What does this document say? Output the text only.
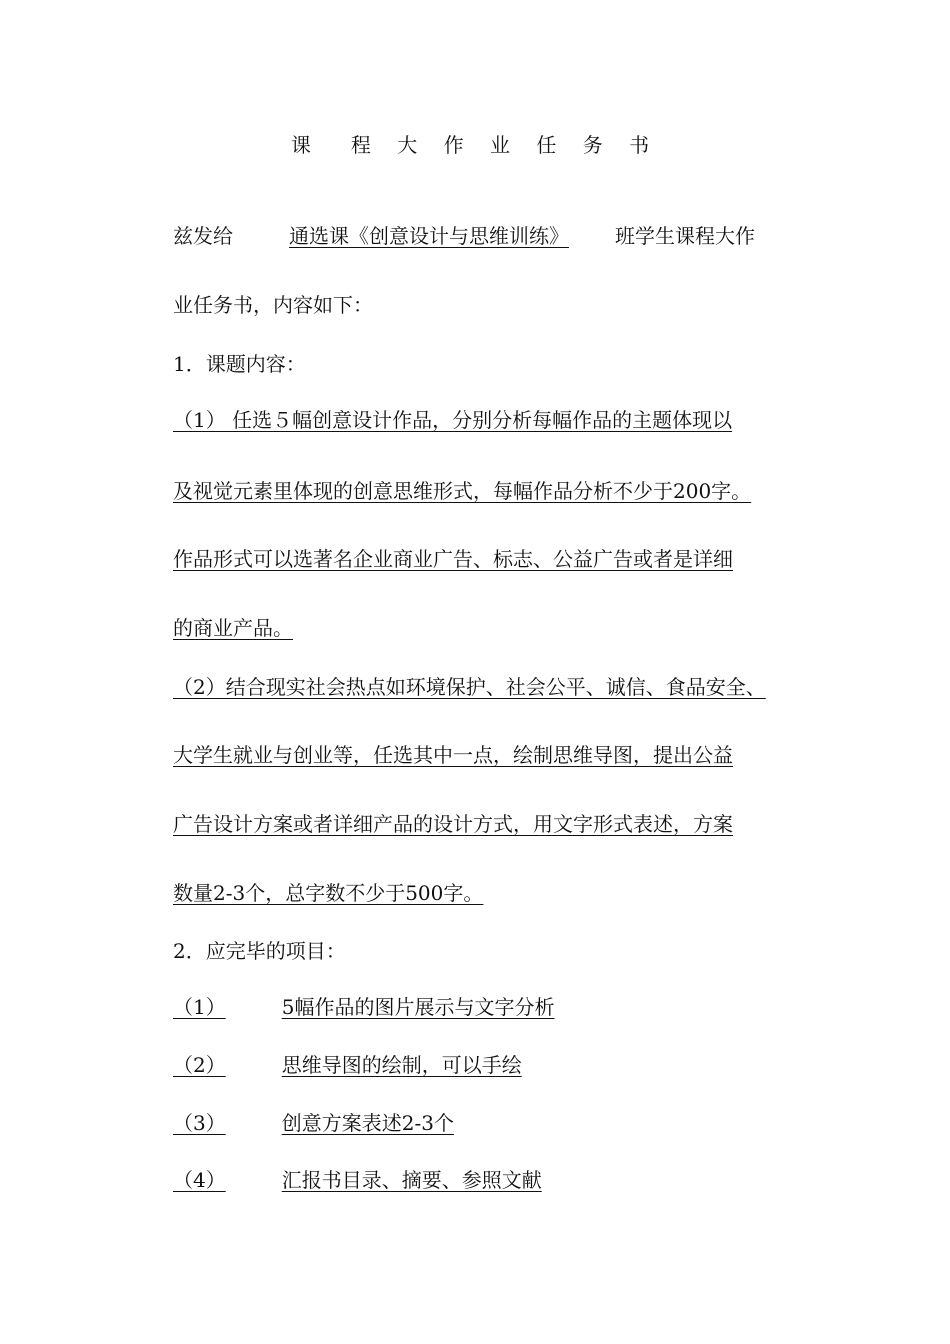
课　程 大 作 业 任 务 书
兹发给	通选课《创意设计与思维训练》 班学生课程大作
业任务书，内容如下：
1．课题内容：
（1） 任选５幅创意设计作品，分别分析每幅作品的主题体现以
及视觉元素里体现的创意思维形式，每幅作品分析不少于200字。
作品形式可以选著名企业商业广告、标志、公益广告或者是详细
的商业产品。
（2）结合现实社会热点如环境保护、社会公平、诚信、食品安全、
大学生就业与创业等，任选其中一点，绘制思维导图，提出公益
广告设计方案或者详细产品的设计方式，用文字形式表述，方案
数量2-3个，总字数不少于500字。
2．应完毕的项目：
（1）	5幅作品的图片展示与文字分析
（2）	思维导图的绘制，可以手绘
（3）	创意方案表述2-3个
（4）	汇报书目录、摘要、参照文献
